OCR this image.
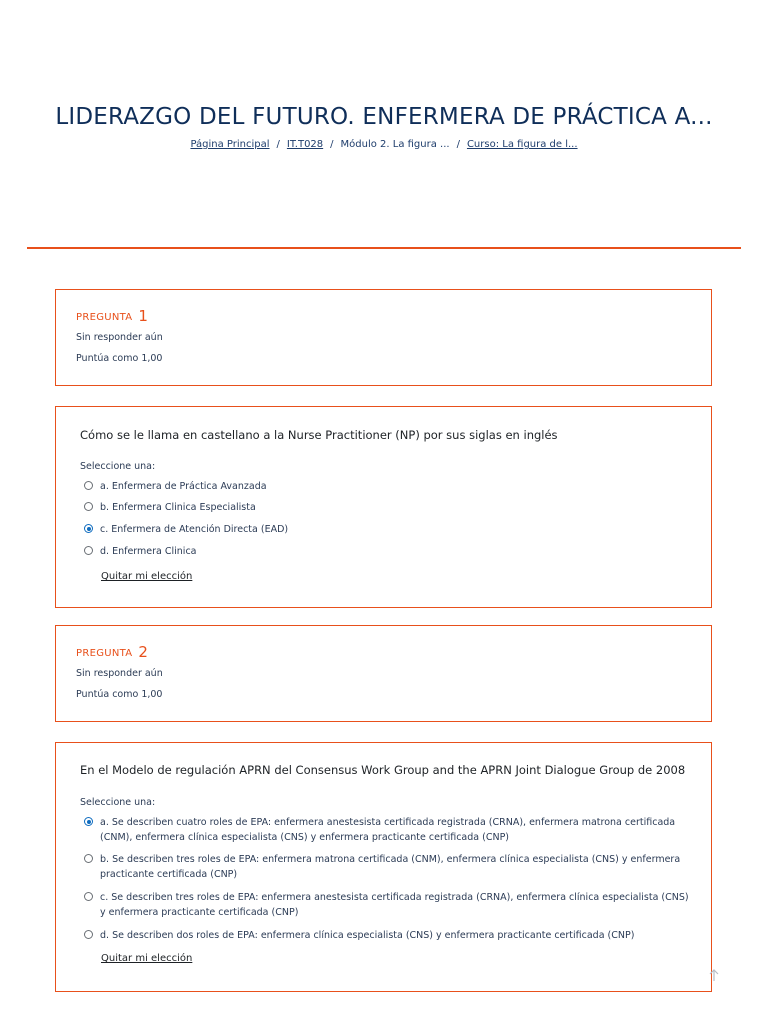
LIDERAZGO DEL FUTURO. ENFERMERA DE PRÁCTICA A...
Página Principal / IT.T028 / Módulo 2. La figura ... / Curso: La figura de l...
PREGUNTA 1
Sin responder aún
Puntúa como 1,00
Cómo se le llama en castellano a la Nurse Practitioner (NP) por sus siglas en inglés
Seleccione una:
a. Enfermera de Práctica Avanzada
b. Enfermera Clinica Especialista
c. Enfermera de Atención Directa (EAD)
d. Enfermera Clinica
Quitar mi elección
PREGUNTA 2
Sin responder aún
Puntúa como 1,00
En el Modelo de regulación APRN del Consensus Work Group and the APRN Joint Dialogue Group de 2008
Seleccione una:
a. Se describen cuatro roles de EPA: enfermera anestesista certificada registrada (CRNA), enfermera matrona certificada (CNM), enfermera clínica especialista (CNS) y enfermera practicante certificada (CNP)
b. Se describen tres roles de EPA: enfermera matrona certificada (CNM), enfermera clínica especialista (CNS) y enfermera practicante certificada (CNP)
c. Se describen tres roles de EPA: enfermera anestesista certificada registrada (CRNA), enfermera clínica especialista (CNS) y enfermera practicante certificada (CNP)
d. Se describen dos roles de EPA: enfermera clínica especialista (CNS) y enfermera practicante certificada (CNP)
Quitar mi elección
